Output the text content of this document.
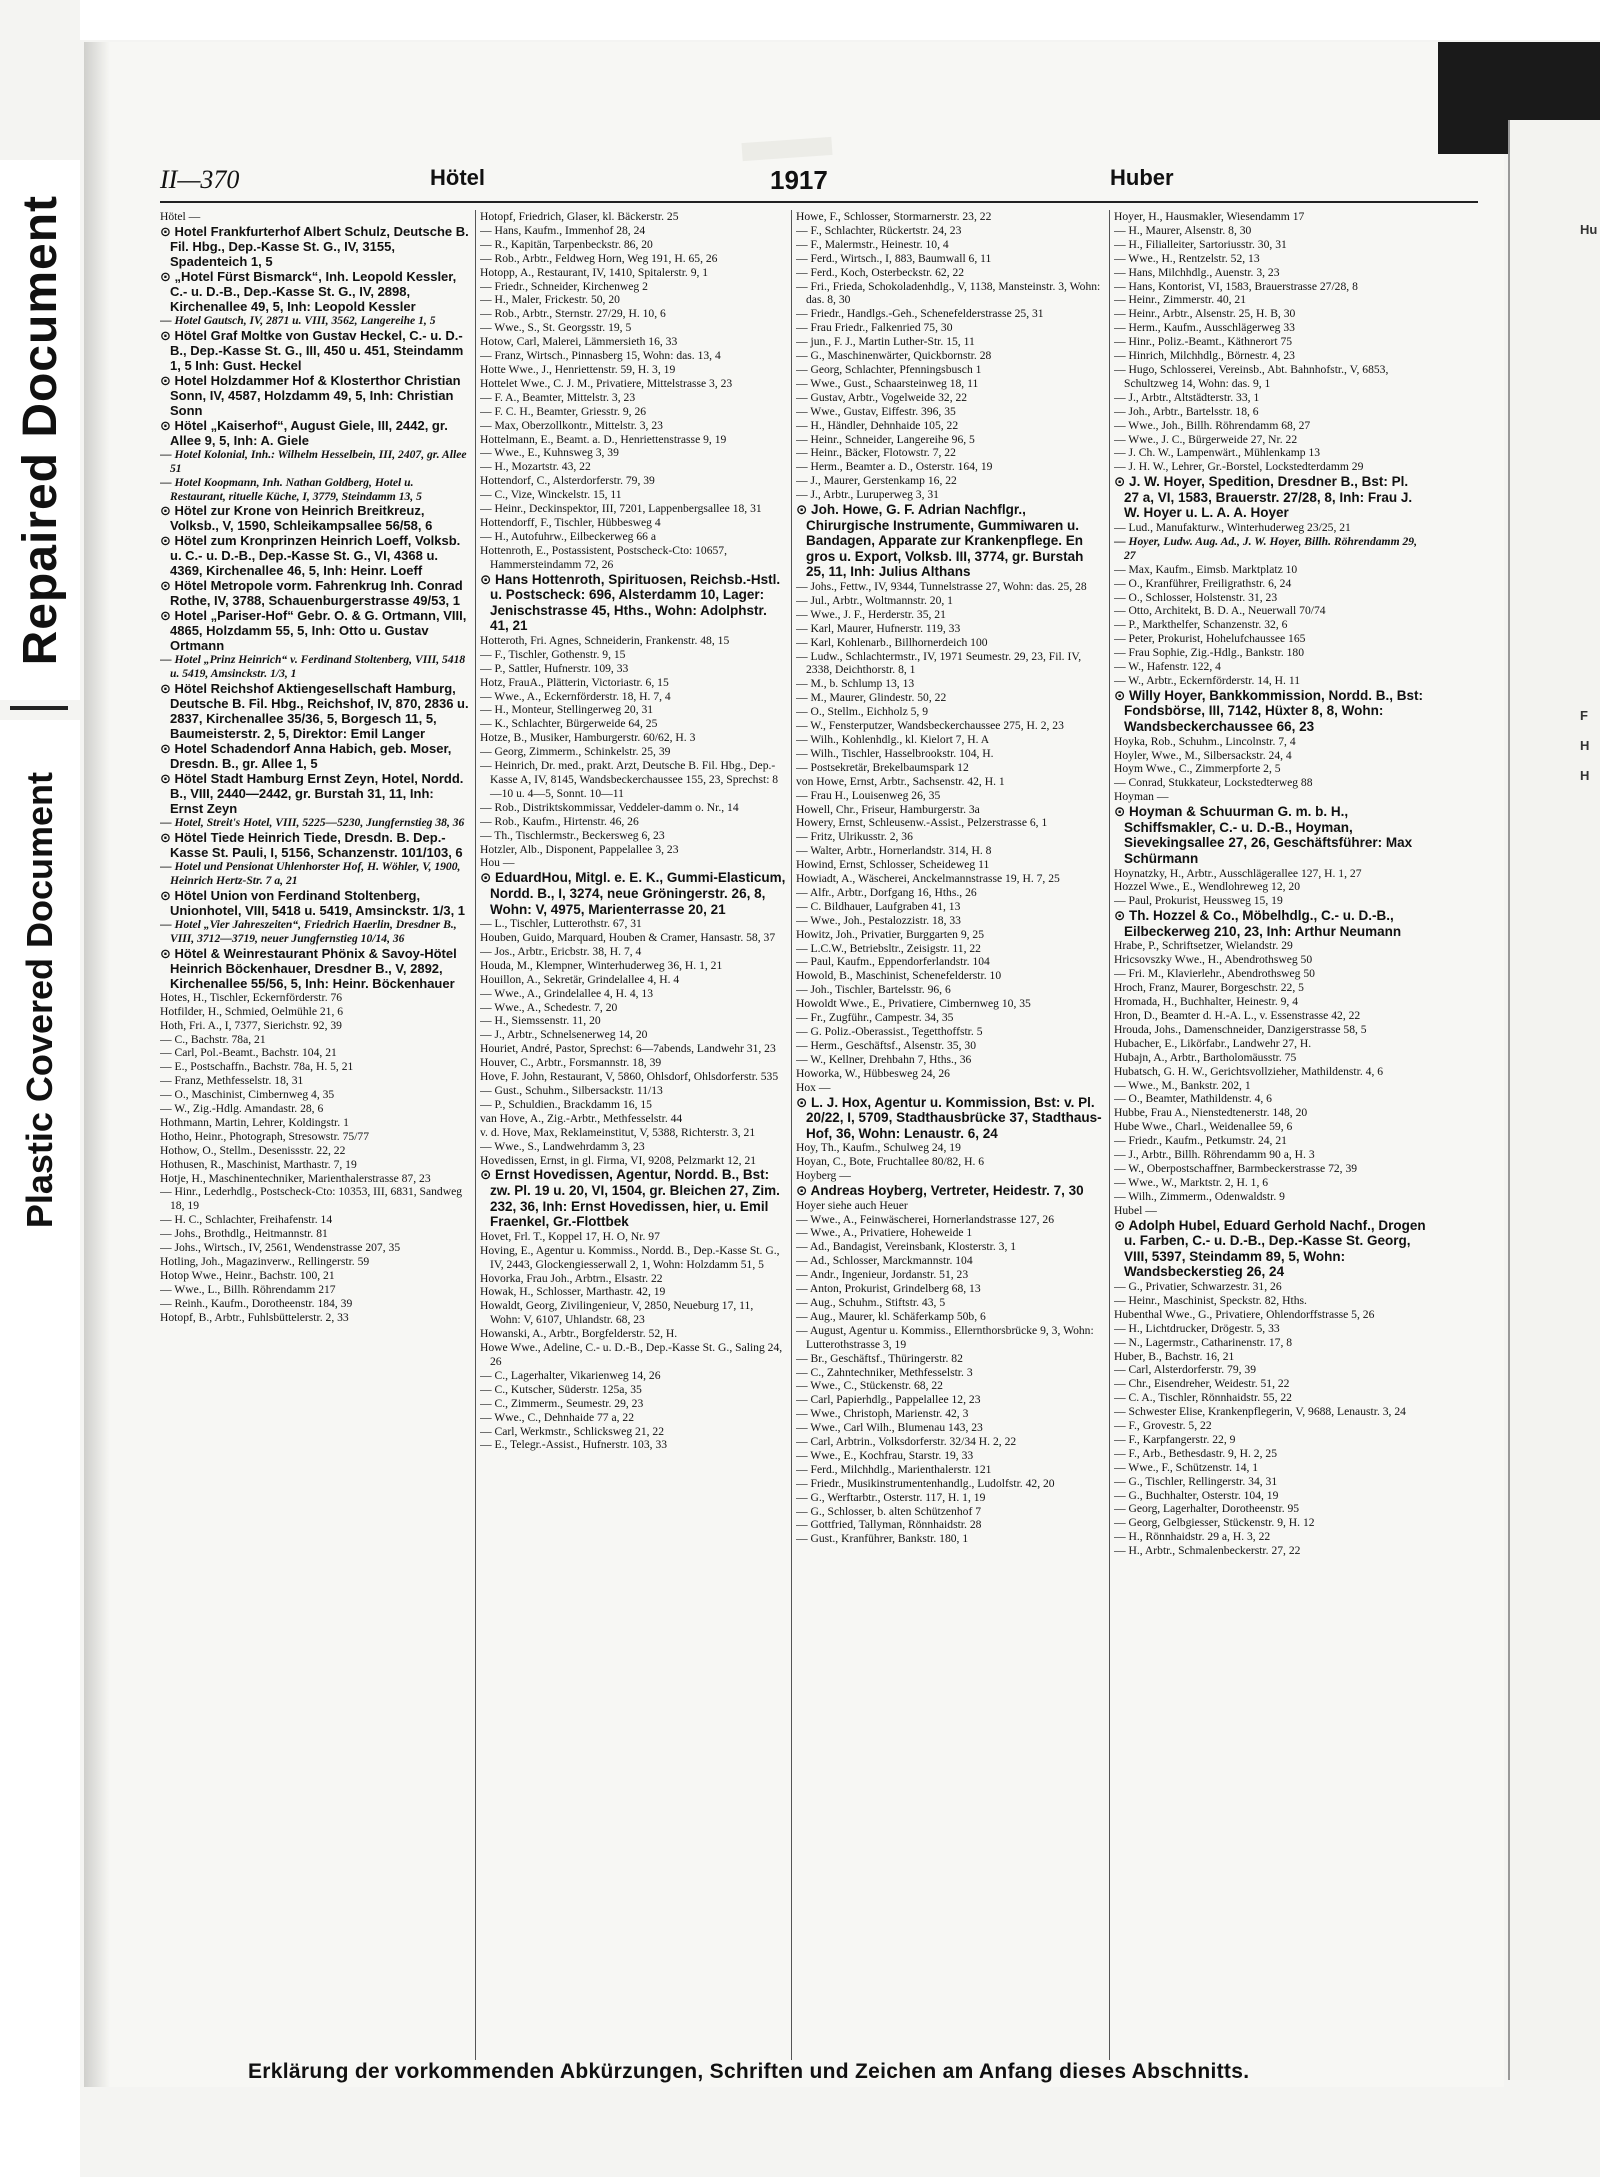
Repaired Document
Plastic Covered Document
Hu
F
H
H
II—370	Hötel	1917	Huber

Hötel —

⊙ Hotel Frankfurterhof Albert Schulz, Deutsche B. Fil. Hbg., Dep.-Kasse St. G., IV, 3155, Spadenteich 1, 5

⊙ „Hotel Fürst Bismarck“, Inh. Leopold Kessler, C.- u. D.-B., Dep.-Kasse St. G., IV, 2898, Kirchenallee 49, 5, Inh: Leopold Kessler

— Hotel Gautsch, IV, 2871 u. VIII, 3562, Langereihe 1, 5

⊙ Hötel Graf Moltke von Gustav Heckel, C.- u. D.-B., Dep.-Kasse St. G., III, 450 u. 451, Steindamm 1, 5 Inh: Gust. Heckel

⊙ Hotel Holzdammer Hof & Klosterthor Christian Sonn, IV, 4587, Holzdamm 49, 5, Inh: Christian Sonn

⊙ Hötel „Kaiserhof“, August Giele, III, 2442, gr. Allee 9, 5, Inh: A. Giele

— Hotel Kolonial, Inh.: Wilhelm Hesselbein, III, 2407, gr. Allee 51

— Hotel Koopmann, Inh. Nathan Goldberg, Hotel u. Restaurant, rituelle Küche, I, 3779, Steindamm 13, 5

⊙ Hötel zur Krone von Heinrich Breitkreuz, Volksb., V, 1590, Schleikampsallee 56/58, 6

⊙ Hötel zum Kronprinzen Heinrich Loeff, Volksb. u. C.- u. D.-B., Dep.-Kasse St. G., VI, 4368 u. 4369, Kirchenallee 46, 5, Inh: Heinr. Loeff

⊙ Hötel Metropole vorm. Fahrenkrug Inh. Conrad Rothe, IV, 3788, Schauenburgerstrasse 49/53, 1

⊙ Hotel „Pariser-Hof“ Gebr. O. & G. Ortmann, VIII, 4865, Holzdamm 55, 5, Inh: Otto u. Gustav Ortmann

— Hotel „Prinz Heinrich“ v. Ferdinand Stoltenberg, VIII, 5418 u. 5419, Amsinckstr. 1/3, 1

⊙ Hötel Reichshof Aktiengesellschaft Hamburg, Deutsche B. Fil. Hbg., Reichshof, IV, 870, 2836 u. 2837, Kirchenallee 35/36, 5, Borgesch 11, 5, Baumeisterstr. 2, 5, Direktor: Emil Langer

⊙ Hotel Schadendorf Anna Habich, geb. Moser, Dresdn. B., gr. Allee 1, 5

⊙ Hötel Stadt Hamburg Ernst Zeyn, Hotel, Nordd. B., VIII, 2440—2442, gr. Burstah 31, 11, Inh: Ernst Zeyn

— Hotel, Streit's Hotel, VIII, 5225—5230, Jungfernstieg 38, 36

⊙ Hötel Tiede Heinrich Tiede, Dresdn. B. Dep.-Kasse St. Pauli, I, 5156, Schanzenstr. 101/103, 6

— Hotel und Pensionat Uhlenhorster Hof, H. Wöhler, V, 1900, Heinrich Hertz-Str. 7 a, 21

⊙ Hötel Union von Ferdinand Stoltenberg, Unionhotel, VIII, 5418 u. 5419, Amsinckstr. 1/3, 1

— Hotel „Vier Jahreszeiten“, Friedrich Haerlin, Dresdner B., VIII, 3712—3719, neuer Jungfernstieg 10/14, 36

⊙ Hötel & Weinrestaurant Phönix & Savoy-Hötel Heinrich Böckenhauer, Dresdner B., V, 2892, Kirchenallee 55/56, 5, Inh: Heinr. Böckenhauer

Hotes, H., Tischler, Eckernförderstr. 76

Hotfilder, H., Schmied, Oelmühle 21, 6

Hoth, Fri. A., I, 7377, Sierichstr. 92, 39

— C., Bachstr. 78a, 21

— Carl, Pol.-Beamt., Bachstr. 104, 21

— E., Postschaffn., Bachstr. 78a, H. 5, 21

— Franz, Methfesselstr. 18, 31

— O., Maschinist, Cimbernweg 4, 35

— W., Zig.-Hdlg. Amandastr. 28, 6

Hothmann, Martin, Lehrer, Koldingstr. 1

Hotho, Heinr., Photograph, Stresowstr. 75/77

Hothow, O., Stellm., Desenissstr. 22, 22

Hothusen, R., Maschinist, Marthastr. 7, 19

Hotje, H., Maschinentechniker, Marienthalerstrasse 87, 23

— Hinr., Lederhdlg., Postscheck-Cto: 10353, III, 6831, Sandweg 18, 19

— H. C., Schlachter, Freihafenstr. 14

— Johs., Brothdlg., Heitmannstr. 81

— Johs., Wirtsch., IV, 2561, Wendenstrasse 207, 35

Hotling, Joh., Magazinverw., Rellingerstr. 59

Hotop Wwe., Heinr., Bachstr. 100, 21

— Wwe., L., Billh. Röhrendamm 217

— Reinh., Kaufm., Dorotheenstr. 184, 39

Hotopf, B., Arbtr., Fuhlsbüttelerstr. 2, 33

Hotopf, Friedrich, Glaser, kl. Bäckerstr. 25

— Hans, Kaufm., Immenhof 28, 24

— R., Kapitän, Tarpenbeckstr. 86, 20

— Rob., Arbtr., Feldweg Horn, Weg 191, H. 65, 26

Hotopp, A., Restaurant, IV, 1410, Spitalerstr. 9, 1

— Friedr., Schneider, Kirchenweg 2

— H., Maler, Frickestr. 50, 20

— Rob., Arbtr., Sternstr. 27/29, H. 10, 6

— Wwe., S., St. Georgsstr. 19, 5

Hotow, Carl, Malerei, Lämmersieth 16, 33

— Franz, Wirtsch., Pinnasberg 15, Wohn: das. 13, 4

Hotte Wwe., J., Henriettenstr. 59, H. 3, 19

Hottelet Wwe., C. J. M., Privatiere, Mittelstrasse 3, 23

— F. A., Beamter, Mittelstr. 3, 23

— F. C. H., Beamter, Griesstr. 9, 26

— Max, Oberzollkontr., Mittelstr. 3, 23

Hottelmann, E., Beamt. a. D., Henriettenstrasse 9, 19

— Wwe., E., Kuhnsweg 3, 39

— H., Mozartstr. 43, 22

Hottendorf, C., Alsterdorferstr. 79, 39

— C., Vize, Winckelstr. 15, 11

— Heinr., Deckinspektor, III, 7201, Lappenbergsallee 18, 31

Hottendorff, F., Tischler, Hübbesweg 4

— H., Autofuhrw., Eilbeckerweg 66 a

Hottenroth, E., Postassistent, Postscheck-Cto: 10657, Hammersteindamm 72, 26

⊙ Hans Hottenroth, Spirituosen, Reichsb.-Hstl. u. Postscheck: 696, Alsterdamm 10, Lager: Jenischstrasse 45, Hths., Wohn: Adolphstr. 41, 21

Hotteroth, Fri. Agnes, Schneiderin, Frankenstr. 48, 15

— F., Tischler, Gothenstr. 9, 15

— P., Sattler, Hufnerstr. 109, 33

Hotz, FrauA., Plätterin, Victoriastr. 6, 15

— Wwe., A., Eckernförderstr. 18, H. 7, 4

— H., Monteur, Stellingerweg 20, 31

— K., Schlachter, Bürgerweide 64, 25

Hotze, B., Musiker, Hamburgerstr. 60/62, H. 3

— Georg, Zimmerm., Schinkelstr. 25, 39

— Heinrich, Dr. med., prakt. Arzt, Deutsche B. Fil. Hbg., Dep.-Kasse A, IV, 8145, Wandsbeckerchaussee 155, 23, Sprechst: 8—10 u. 4—5, Sonnt. 10—11

— Rob., Distriktskommissar, Veddeler-damm o. Nr., 14

— Rob., Kaufm., Hirtenstr. 46, 26

— Th., Tischlermstr., Beckersweg 6, 23

Hotzler, Alb., Disponent, Pappelallee 3, 23

Hou —

⊙ EduardHou, Mitgl. e. E. K., Gummi-Elasticum, Nordd. B., I, 3274, neue Gröningerstr. 26, 8, Wohn: V, 4975, Marienterrasse 20, 21

— L., Tischler, Lutterothstr. 67, 31

Houben, Guido, Marquard, Houben & Cramer, Hansastr. 58, 37

— Jos., Arbtr., Ericbstr. 38, H. 7, 4

Houda, M., Klempner, Winterhuderweg 36, H. 1, 21

Houillon, A., Sekretär, Grindelallee 4, H. 4

— Wwe., A., Grindelallee 4, H. 4, 13

— Wwe., A., Schedestr. 7, 20

— H., Siemssenstr. 11, 20

— J., Arbtr., Schnelsenerweg 14, 20

Houriet, André, Pastor, Sprechst: 6—7abends, Landwehr 31, 23

Houver, C., Arbtr., Forsmannstr. 18, 39

Hove, F. John, Restaurant, V, 5860, Ohlsdorf, Ohlsdorferstr. 535

— Gust., Schuhm., Silbersackstr. 11/13

— P., Schuldien., Brackdamm 16, 15

van Hove, A., Zig.-Arbtr., Methfesselstr. 44

v. d. Hove, Max, Reklameinstitut, V, 5388, Richterstr. 3, 21

— Wwe., S., Landwehrdamm 3, 23

Hovedissen, Ernst, in gl. Firma, VI, 9208, Pelzmarkt 12, 21

⊙ Ernst Hovedissen, Agentur, Nordd. B., Bst: zw. Pl. 19 u. 20, VI, 1504, gr. Bleichen 27, Zim. 232, 36, Inh: Ernst Hovedissen, hier, u. Emil Fraenkel, Gr.-Flottbek

Hovet, Frl. T., Koppel 17, H. O, Nr. 97

Hoving, E., Agentur u. Kommiss., Nordd. B., Dep.-Kasse St. G., IV, 2443, Glockengiesserwall 2, 1, Wohn: Holzdamm 51, 5

Hovorka, Frau Joh., Arbtrn., Elsastr. 22

Howak, H., Schlosser, Marthastr. 42, 19

Howaldt, Georg, Zivilingenieur, V, 2850, Neueburg 17, 11, Wohn: V, 6107, Uhlandstr. 68, 23

Howanski, A., Arbtr., Borgfelderstr. 52, H.

Howe Wwe., Adeline, C.- u. D.-B., Dep.-Kasse St. G., Saling 24, 26

— C., Lagerhalter, Vikarienweg 14, 26

— C., Kutscher, Süderstr. 125a, 35

— C., Zimmerm., Seumestr. 29, 23

— Wwe., C., Dehnhaide 77 a, 22

— Carl, Werkmstr., Schlicksweg 21, 22

— E., Telegr.-Assist., Hufnerstr. 103, 33

Howe, F., Schlosser, Stormarnerstr. 23, 22

— F., Schlachter, Rückertstr. 24, 23

— F., Malermstr., Heinestr. 10, 4

— Ferd., Wirtsch., I, 883, Baumwall 6, 11

— Ferd., Koch, Osterbeckstr. 62, 22

— Fri., Frieda, Schokoladenhdlg., V, 1138, Mansteinstr. 3, Wohn: das. 8, 30

— Friedr., Handlgs.-Geh., Schenefelderstrasse 25, 31

— Frau Friedr., Falkenried 75, 30

— jun., F. J., Martin Luther-Str. 15, 11

— G., Maschinenwärter, Quickbornstr. 28

— Georg, Schlachter, Pfenningsbusch 1

— Wwe., Gust., Schaarsteinweg 18, 11

— Gustav, Arbtr., Vogelweide 32, 22

— Wwe., Gustav, Eiffestr. 396, 35

— H., Händler, Dehnhaide 105, 22

— Heinr., Schneider, Langereihe 96, 5

— Heinr., Bäcker, Flotowstr. 7, 22

— Herm., Beamter a. D., Osterstr. 164, 19

— J., Maurer, Gerstenkamp 16, 22

— J., Arbtr., Luruperweg 3, 31

⊙ Joh. Howe, G. F. Adrian Nachflgr., Chirurgische Instrumente, Gummiwaren u. Bandagen, Apparate zur Krankenpflege. En gros u. Export, Volksb. III, 3774, gr. Burstah 25, 11, Inh: Julius Althans

— Johs., Fettw., IV, 9344, Tunnelstrasse 27, Wohn: das. 25, 28

— Jul., Arbtr., Woltmannstr. 20, 1

— Wwe., J. F., Herderstr. 35, 21

— Karl, Maurer, Hufnerstr. 119, 33

— Karl, Kohlenarb., Billhornerdeich 100

— Ludw., Schlachtermstr., IV, 1971 Seumestr. 29, 23, Fil. IV, 2338, Deichthorstr. 8, 1

— M., b. Schlump 13, 13

— M., Maurer, Glindestr. 50, 22

— O., Stellm., Eichholz 5, 9

— W., Fensterputzer, Wandsbeckerchaussee 275, H. 2, 23

— Wilh., Kohlenhdlg., kl. Kielort 7, H. A

— Wilh., Tischler, Hasselbrookstr. 104, H.

— Postsekretär, Brekelbaumspark 12

von Howe, Ernst, Arbtr., Sachsenstr. 42, H. 1

— Frau H., Louisenweg 26, 35

Howell, Chr., Friseur, Hamburgerstr. 3a

Howery, Ernst, Schleusenw.-Assist., Pelzerstrasse 6, 1

— Fritz, Ulrikusstr. 2, 36

— Walter, Arbtr., Hornerlandstr. 314, H. 8

Howind, Ernst, Schlosser, Scheideweg 11

Howiadt, A., Wäscherei, Anckelmannstrasse 19, H. 7, 25

— Alfr., Arbtr., Dorfgang 16, Hths., 26

— C. Bildhauer, Laufgraben 41, 13

— Wwe., Joh., Pestalozzistr. 18, 33

Howitz, Joh., Privatier, Burggarten 9, 25

— L.C.W., Betriebsltr., Zeisigstr. 11, 22

— Paul, Kaufm., Eppendorferlandstr. 104

Howold, B., Maschinist, Schenefelderstr. 10

— Joh., Tischler, Bartelsstr. 96, 6

Howoldt Wwe., E., Privatiere, Cimbernweg 10, 35

— Fr., Zugführ., Campestr. 34, 35

— G. Poliz.-Oberassist., Tegetthoffstr. 5

— Herm., Geschäftsf., Alsenstr. 35, 30

— W., Kellner, Drehbahn 7, Hths., 36

Howorka, W., Hübbesweg 24, 26

Hox —

⊙ L. J. Hox, Agentur u. Kommission, Bst: v. Pl. 20/22, I, 5709, Stadthausbrücke 37, Stadthaus-Hof, 36, Wohn: Lenaustr. 6, 24

Hoy, Th., Kaufm., Schulweg 24, 19

Hoyan, C., Bote, Fruchtallee 80/82, H. 6

Hoyberg —

⊙ Andreas Hoyberg, Vertreter, Heidestr. 7, 30

Hoyer siehe auch Heuer

— Wwe., A., Feinwäscherei, Hornerlandstrasse 127, 26

— Wwe., A., Privatiere, Hoheweide 1

— Ad., Bandagist, Vereinsbank, Klosterstr. 3, 1

— Ad., Schlosser, Marckmannstr. 104

— Andr., Ingenieur, Jordanstr. 51, 23

— Anton, Prokurist, Grindelberg 68, 13

— Aug., Schuhm., Stiftstr. 43, 5

— Aug., Maurer, kl. Schäferkamp 50b, 6

— August, Agentur u. Kommiss., Ellernthorsbrücke 9, 3, Wohn: Lutterothstrasse 3, 19

— Br., Geschäftsf., Thüringerstr. 82

— C., Zahntechniker, Methfesselstr. 3

— Wwe., C., Stückenstr. 68, 22

— Carl, Papierhdlg., Pappelallee 12, 23

— Wwe., Christoph, Marienstr. 42, 3

— Wwe., Carl Wilh., Blumenau 143, 23

— Carl, Arbtrin., Volksdorferstr. 32/34 H. 2, 22

— Wwe., E., Kochfrau, Starstr. 19, 33

— Ferd., Milchhdlg., Marienthalerstr. 121

— Friedr., Musikinstrumentenhandlg., Ludolfstr. 42, 20

— G., Werftarbtr., Osterstr. 117, H. 1, 19

— G., Schlosser, b. alten Schützenhof 7

— Gottfried, Tallyman, Rönnhaidstr. 28

— Gust., Kranführer, Bankstr. 180, 1

Hoyer, H., Hausmakler, Wiesendamm 17

— H., Maurer, Alsenstr. 8, 30

— H., Filialleiter, Sartoriusstr. 30, 31

— Wwe., H., Rentzelstr. 52, 13

— Hans, Milchhdlg., Auenstr. 3, 23

— Hans, Kontorist, VI, 1583, Brauerstrasse 27/28, 8

— Heinr., Zimmerstr. 40, 21

— Heinr., Arbtr., Alsenstr. 25, H. B, 30

— Herm., Kaufm., Ausschlägerweg 33

— Hinr., Poliz.-Beamt., Käthnerort 75

— Hinrich, Milchhdlg., Börnestr. 4, 23

— Hugo, Schlosserei, Vereinsb., Abt. Bahnhofstr., V, 6853, Schultzweg 14, Wohn: das. 9, 1

— J., Arbtr., Altstädterstr. 33, 1

— Joh., Arbtr., Bartelsstr. 18, 6

— Wwe., Joh., Billh. Röhrendamm 68, 27

— Wwe., J. C., Bürgerweide 27, Nr. 22

— J. Ch. W., Lampenwärt., Mühlenkamp 13

— J. H. W., Lehrer, Gr.-Borstel, Lockstedterdamm 29

⊙ J. W. Hoyer, Spedition, Dresdner B., Bst: Pl. 27 a, VI, 1583, Brauerstr. 27/28, 8, Inh: Frau J. W. Hoyer u. L. A. A. Hoyer

— Lud., Manufakturw., Winterhuderweg 23/25, 21

— Hoyer, Ludw. Aug. Ad., J. W. Hoyer, Billh. Röhrendamm 29, 27

— Max, Kaufm., Eimsb. Marktplatz 10

— O., Kranführer, Freiligrathstr. 6, 24

— O., Schlosser, Holstenstr. 31, 23

— Otto, Architekt, B. D. A., Neuerwall 70/74

— P., Markthelfer, Schanzenstr. 32, 6

— Peter, Prokurist, Hohelufchaussee 165

— Frau Sophie, Zig.-Hdlg., Bankstr. 180

— W., Hafenstr. 122, 4

— W., Arbtr., Eckernförderstr. 14, H. 11

⊙ Willy Hoyer, Bankkommission, Nordd. B., Bst: Fondsbörse, III, 7142, Hüxter 8, 8, Wohn: Wandsbeckerchaussee 66, 23

Hoyka, Rob., Schuhm., Lincolnstr. 7, 4

Hoyler, Wwe., M., Silbersackstr. 24, 4

Hoym Wwe., C., Zimmerpforte 2, 5

— Conrad, Stukkateur, Lockstedterweg 88

Hoyman —

⊙ Hoyman & Schuurman G. m. b. H., Schiffsmakler, C.- u. D.-B., Hoyman, Sievekingsallee 27, 26, Geschäftsführer: Max Schürmann

Hoynatzky, H., Arbtr., Ausschlägerallee 127, H. 1, 27

Hozzel Wwe., E., Wendlohreweg 12, 20

— Paul, Prokurist, Heussweg 15, 19

⊙ Th. Hozzel & Co., Möbelhdlg., C.- u. D.-B., Eilbeckerweg 210, 23, Inh: Arthur Neumann

Hrabe, P., Schriftsetzer, Wielandstr. 29

Hricsovszky Wwe., H., Abendrothsweg 50

— Fri. M., Klavierlehr., Abendrothsweg 50

Hroch, Franz, Maurer, Borgeschstr. 22, 5

Hromada, H., Buchhalter, Heinestr. 9, 4

Hron, D., Beamter d. H.-A. L., v. Essenstrasse 42, 22

Hrouda, Johs., Damenschneider, Danzigerstrasse 58, 5

Hubacher, E., Likörfabr., Landwehr 27, H.

Hubajn, A., Arbtr., Bartholomäusstr. 75

Hubatsch, G. H. W., Gerichtsvollzieher, Mathildenstr. 4, 6

— Wwe., M., Bankstr. 202, 1

— O., Beamter, Mathildenstr. 4, 6

Hubbe, Frau A., Nienstedtenerstr. 148, 20

Hube Wwe., Charl., Weidenallee 59, 6

— Friedr., Kaufm., Petkumstr. 24, 21

— J., Arbtr., Billh. Röhrendamm 90 a, H. 3

— W., Oberpostschaffner, Barmbeckerstrasse 72, 39

— Wwe., W., Marktstr. 2, H. 1, 6

— Wilh., Zimmerm., Odenwaldstr. 9

Hubel —

⊙ Adolph Hubel, Eduard Gerhold Nachf., Drogen u. Farben, C.- u. D.-B., Dep.-Kasse St. Georg, VIII, 5397, Steindamm 89, 5, Wohn: Wandsbeckerstieg 26, 24

— G., Privatier, Schwarzestr. 31, 26

— Heinr., Maschinist, Speckstr. 82, Hths.

Hubenthal Wwe., G., Privatiere, Ohlendorffstrasse 5, 26

— H., Lichtdrucker, Drögestr. 5, 33

— N., Lagermstr., Catharinenstr. 17, 8

Huber, B., Bachstr. 16, 21

— Carl, Alsterdorferstr. 79, 39

— Chr., Eisendreher, Weidestr. 51, 22

— C. A., Tischler, Rönnhaidstr. 55, 22

— Schwester Elise, Krankenpflegerin, V, 9688, Lenaustr. 3, 24

— F., Grovestr. 5, 22

— F., Karpfangerstr. 22, 9

— F., Arb., Bethesdastr. 9, H. 2, 25

— Wwe., F., Schützenstr. 14, 1

— G., Tischler, Rellingerstr. 34, 31

— G., Buchhalter, Osterstr. 104, 19

— Georg, Lagerhalter, Dorotheenstr. 95

— Georg, Gelbgiesser, Stückenstr. 9, H. 12

— H., Rönnhaidstr. 29 a, H. 3, 22

— H., Arbtr., Schmalenbeckerstr. 27, 22

Erklärung der vorkommenden Abkürzungen, Schriften und Zeichen am Anfang dieses Abschnitts.
